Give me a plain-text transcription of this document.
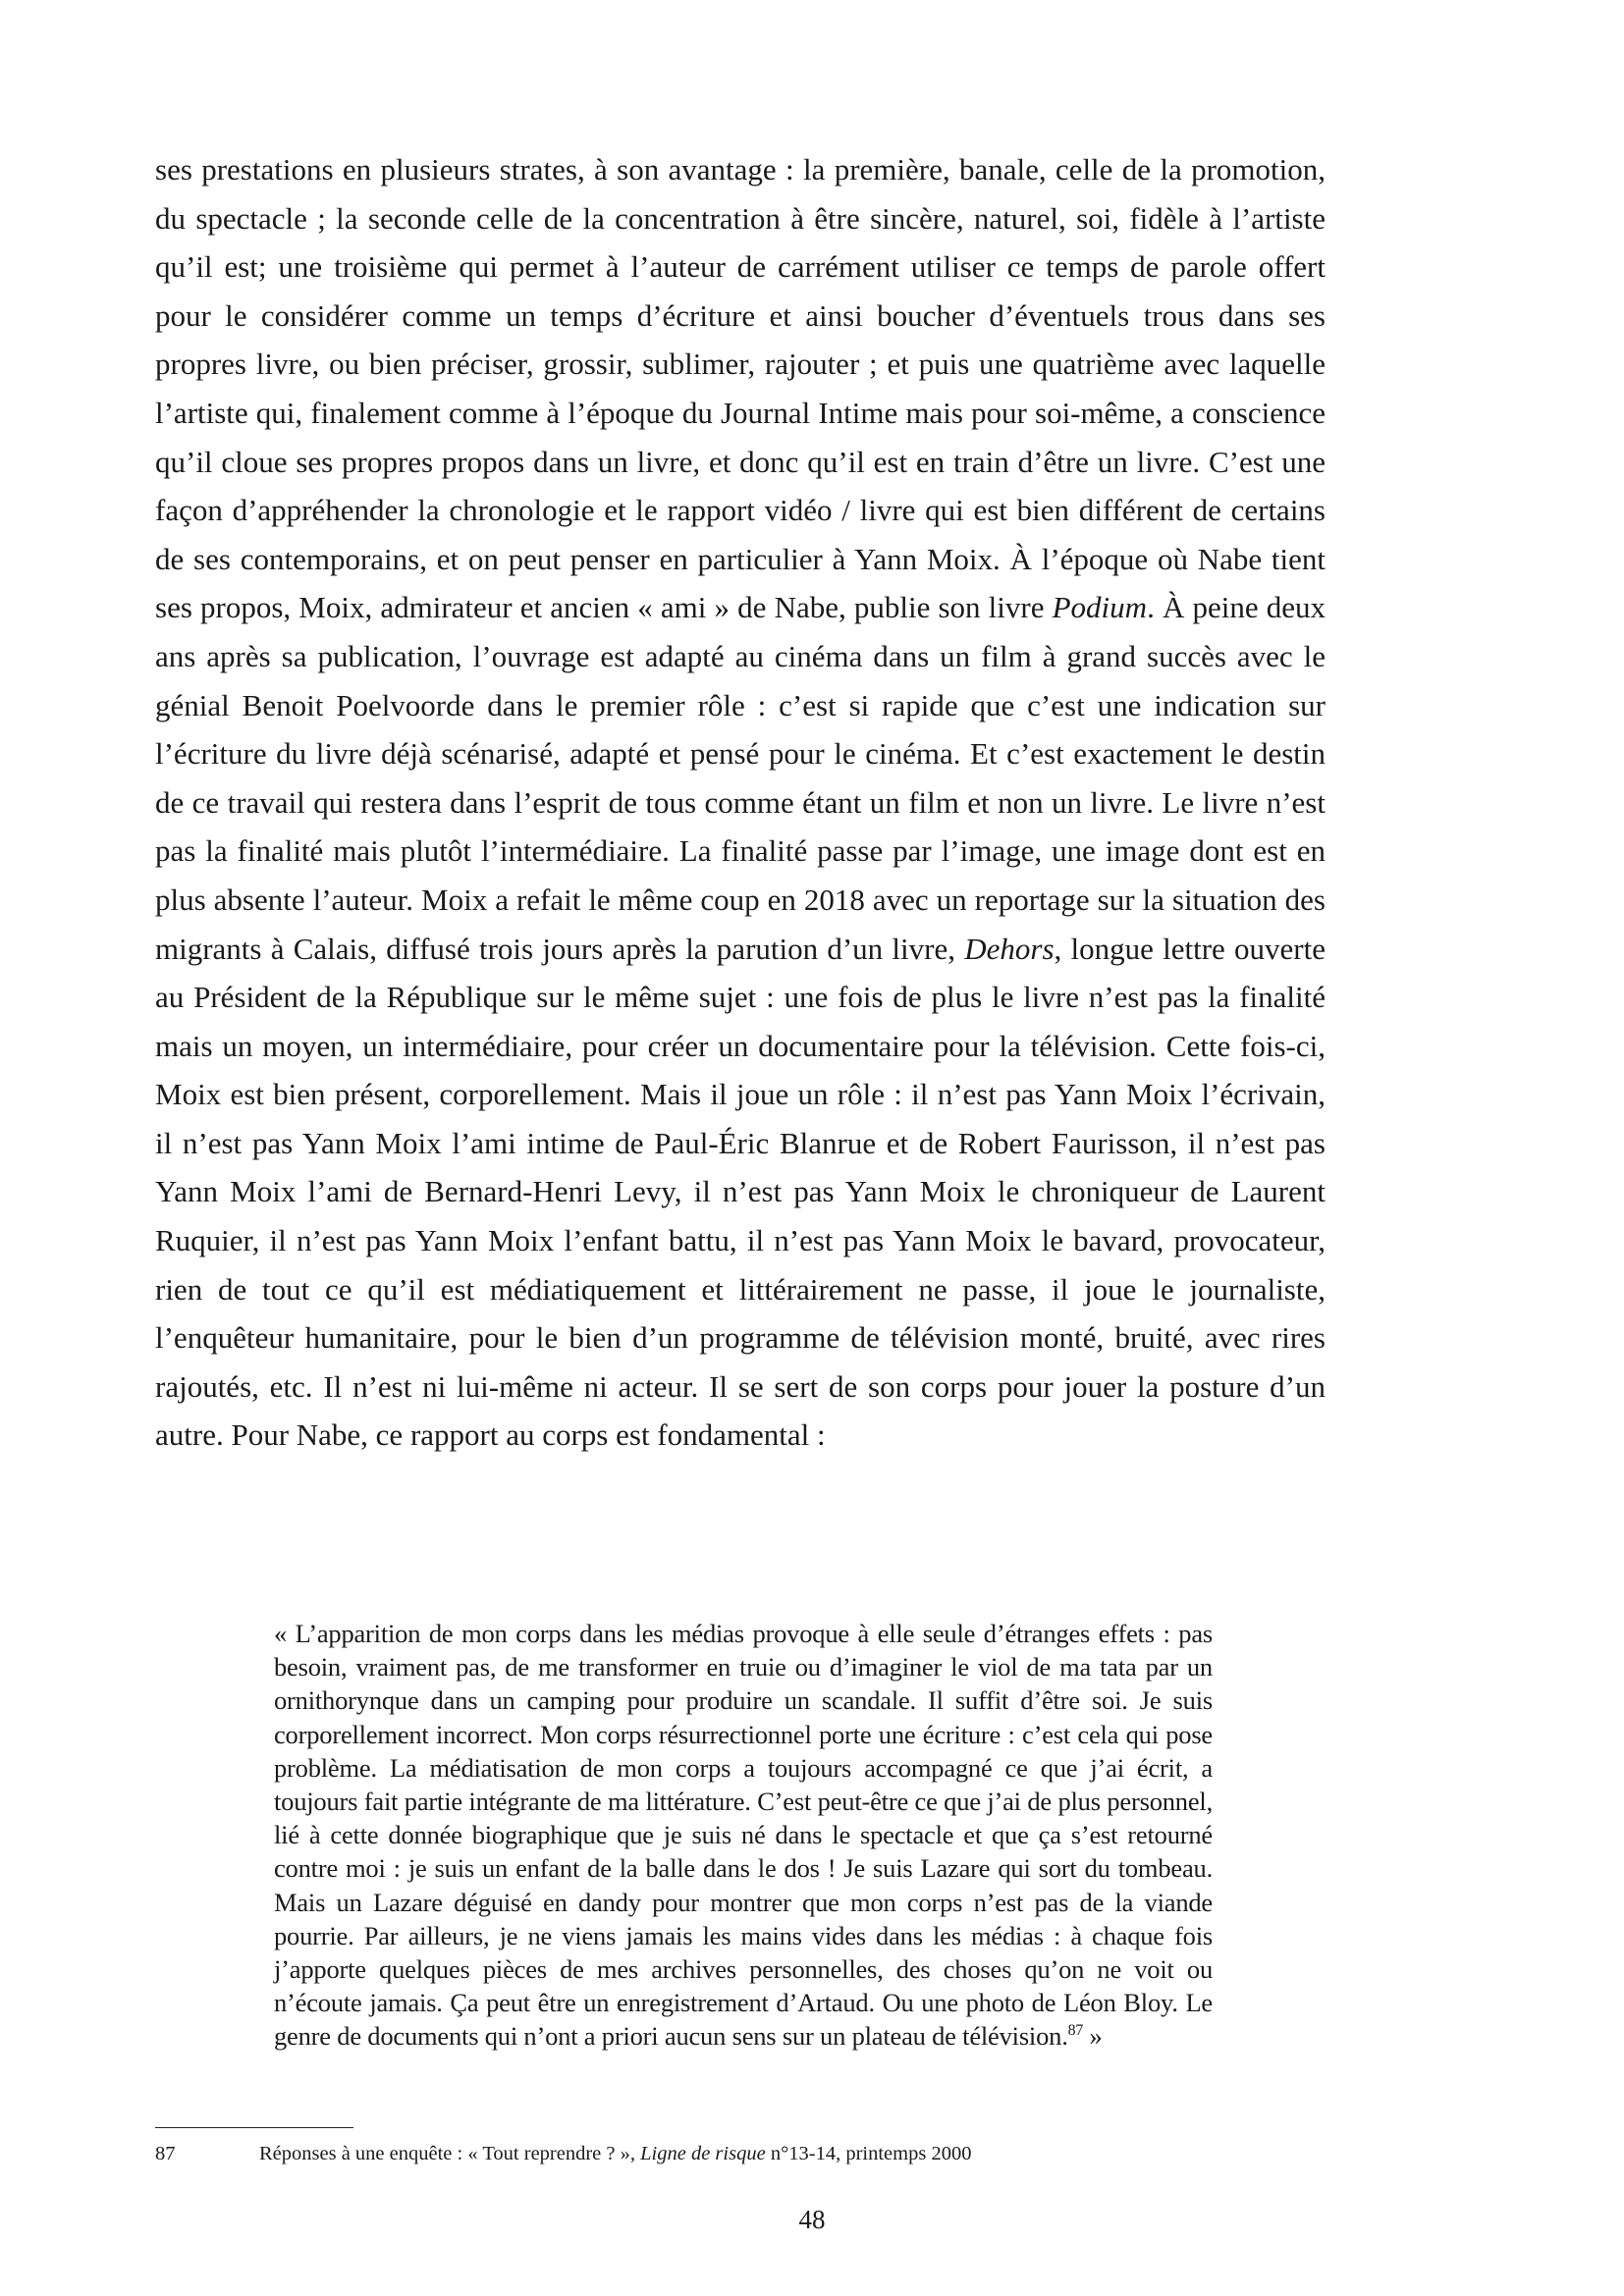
ses prestations en plusieurs strates, à son avantage : la première, banale, celle de la promotion, du spectacle ; la seconde celle de la concentration à être sincère, naturel, soi, fidèle à l’artiste qu’il est; une troisième qui permet à l’auteur de carrément utiliser ce temps de parole offert pour le considérer comme un temps d’écriture et ainsi boucher d’éventuels trous dans ses propres livre, ou bien préciser, grossir, sublimer, rajouter ; et puis une quatrième avec laquelle l’artiste qui, finalement comme à l’époque du Journal Intime mais pour soi-même, a conscience qu’il cloue ses propres propos dans un livre, et donc qu’il est en train d’être un livre. C’est une façon d’appréhender la chronologie et le rapport vidéo / livre qui est bien différent de certains de ses contemporains, et on peut penser en particulier à Yann Moix. À l’époque où Nabe tient ses propos, Moix, admirateur et ancien « ami » de Nabe, publie son livre Podium. À peine deux ans après sa publication, l’ouvrage est adapté au cinéma dans un film à grand succès avec le génial Benoit Poelvoorde dans le premier rôle : c’est si rapide que c’est une indication sur l’écriture du livre déjà scénarisé, adapté et pensé pour le cinéma. Et c’est exactement le destin de ce travail qui restera dans l’esprit de tous comme étant un film et non un livre. Le livre n’est pas la finalité mais plutôt l’intermédiaire. La finalité passe par l’image, une image dont est en plus absente l’auteur. Moix a refait le même coup en 2018 avec un reportage sur la situation des migrants à Calais, diffusé trois jours après la parution d’un livre, Dehors, longue lettre ouverte au Président de la République sur le même sujet : une fois de plus le livre n’est pas la finalité mais un moyen, un intermédiaire, pour créer un documentaire pour la télévision. Cette fois-ci, Moix est bien présent, corporellement. Mais il joue un rôle : il n’est pas Yann Moix l’écrivain, il n’est pas Yann Moix l’ami intime de Paul-Éric Blanrue et de Robert Faurisson, il n’est pas Yann Moix l’ami de Bernard-Henri Levy, il n’est pas Yann Moix le chroniqueur de Laurent Ruquier, il n’est pas Yann Moix l’enfant battu, il n’est pas Yann Moix le bavard, provocateur, rien de tout ce qu’il est médiatiquement et littérairement ne passe, il joue le journaliste, l’enquêteur humanitaire, pour le bien d’un programme de télévision monté, bruité, avec rires rajoutés, etc. Il n’est ni lui-même ni acteur. Il se sert de son corps pour jouer la posture d’un autre. Pour Nabe, ce rapport au corps est fondamental :

« L’apparition de mon corps dans les médias provoque à elle seule d’étranges effets : pas besoin, vraiment pas, de me transformer en truie ou d’imaginer le viol de ma tata par un ornithorynque dans un camping pour produire un scandale. Il suffit d’être soi. Je suis corporellement incorrect. Mon corps résurrectionnel porte une écriture : c’est cela qui pose problème. La médiatisation de mon corps a toujours accompagné ce que j’ai écrit, a toujours fait partie intégrante de ma littérature. C’est peut-être ce que j’ai de plus personnel, lié à cette donnée biographique que je suis né dans le spectacle et que ça s’est retourné contre moi : je suis un enfant de la balle dans le dos ! Je suis Lazare qui sort du tombeau. Mais un Lazare déguisé en dandy pour montrer que mon corps n’est pas de la viande pourrie. Par ailleurs, je ne viens jamais les mains vides dans les médias : à chaque fois j’apporte quelques pièces de mes archives personnelles, des choses qu’on ne voit ou n’écoute jamais. Ça peut être un enregistrement d’Artaud. Ou une photo de Léon Bloy. Le genre de documents qui n’ont a priori aucun sens sur un plateau de télévision.$^{87}$ »

87	Réponses à une enquête : « Tout reprendre ? », Ligne de risque n°13-14, printemps 2000
48
